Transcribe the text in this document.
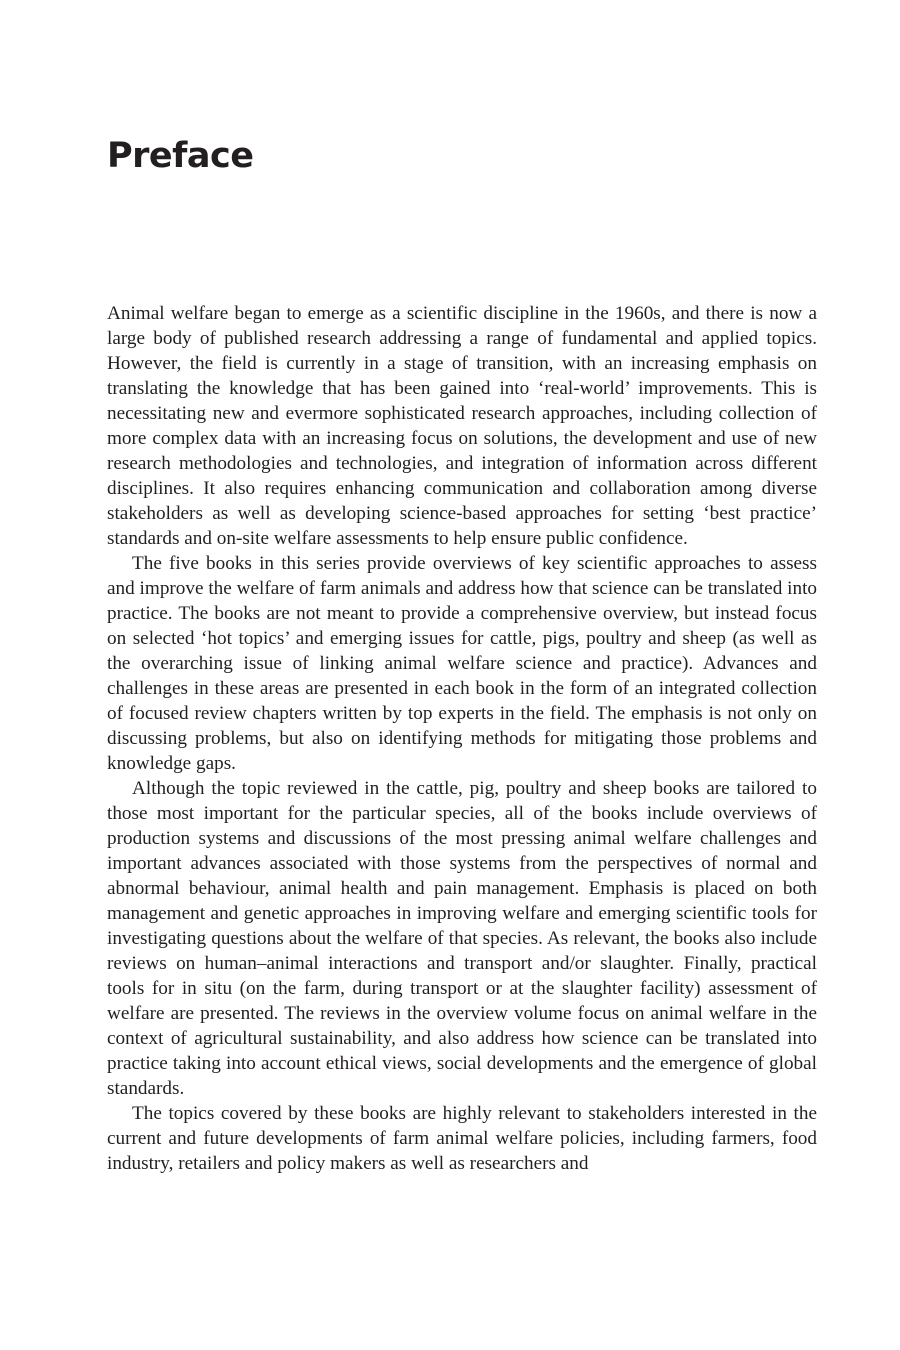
Preface

Animal welfare began to emerge as a scientific discipline in the 1960s, and there is now a large body of published research addressing a range of fundamental and applied topics. However, the field is currently in a stage of transition, with an increasing emphasis on translating the knowledge that has been gained into ‘real-world’ improvements. This is necessitating new and evermore sophisticated research approaches, including collection of more complex data with an increasing focus on solutions, the development and use of new research methodologies and technologies, and integration of information across different disciplines. It also requires enhancing communication and collaboration among diverse stakeholders as well as developing science-based approaches for setting ‘best practice’ standards and on-site welfare assessments to help ensure public confidence.

The five books in this series provide overviews of key scientific approaches to assess and improve the welfare of farm animals and address how that science can be translated into practice. The books are not meant to provide a comprehensive overview, but instead focus on selected ‘hot topics’ and emerging issues for cattle, pigs, poultry and sheep (as well as the overarching issue of linking animal welfare science and practice). Advances and challenges in these areas are presented in each book in the form of an integrated collection of focused review chapters written by top experts in the field. The emphasis is not only on discussing problems, but also on identifying methods for mitigating those problems and knowledge gaps.

Although the topic reviewed in the cattle, pig, poultry and sheep books are tailored to those most important for the particular species, all of the books include overviews of production systems and discussions of the most pressing animal welfare challenges and important advances associated with those systems from the perspectives of normal and abnormal behaviour, animal health and pain management. Emphasis is placed on both management and genetic approaches in improving welfare and emerging scientific tools for investigating questions about the welfare of that species. As relevant, the books also include reviews on human–animal interactions and transport and/or slaughter. Finally, practical tools for in situ (on the farm, during transport or at the slaughter facility) assessment of welfare are presented. The reviews in the overview volume focus on animal welfare in the context of agricultural sustainability, and also address how science can be translated into practice taking into account ethical views, social developments and the emergence of global standards.

The topics covered by these books are highly relevant to stakeholders interested in the current and future developments of farm animal welfare policies, including farmers, food industry, retailers and policy makers as well as researchers and
